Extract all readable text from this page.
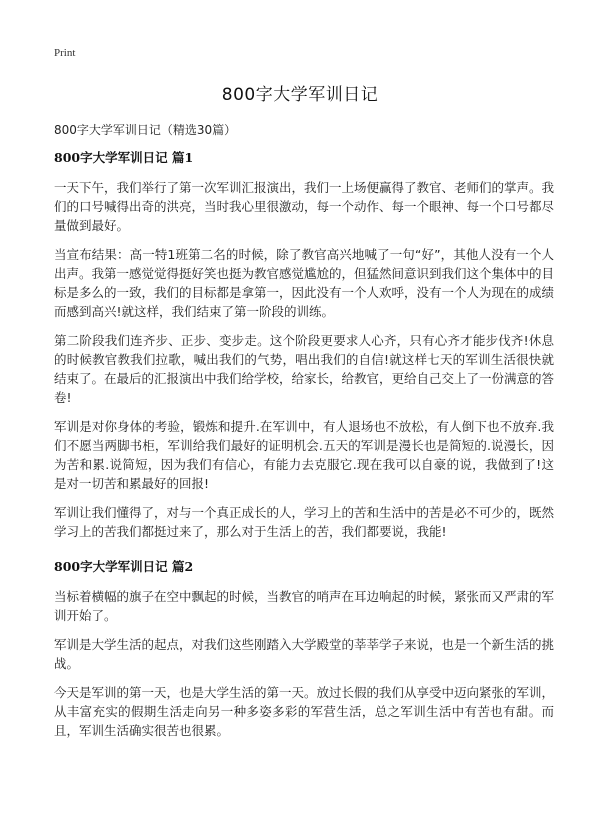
Print
800字大学军训日记

800字大学军训日记（精选30篇）

800字大学军训日记 篇1

一天下午，我们举行了第一次军训汇报演出，我们一上场便赢得了教官、老师们的掌声。我们的口号喊得出奇的洪亮，当时我心里很激动，每一个动作、每一个眼神、每一个口号都尽量做到最好。

当宣布结果：高一特1班第二名的时候，除了教官高兴地喊了一句“好”，其他人没有一个人出声。我第一感觉觉得挺好笑也挺为教官感觉尴尬的，但猛然间意识到我们这个集体中的目标是多么的一致，我们的目标都是拿第一，因此没有一个人欢呼，没有一个人为现在的成绩而感到高兴!就这样，我们结束了第一阶段的训练。

第二阶段我们连齐步、正步、变步走。这个阶段更要求人心齐，只有心齐才能步伐齐!休息的时候教官教我们拉歌，喊出我们的气势，唱出我们的自信!就这样七天的军训生活很快就结束了。在最后的汇报演出中我们给学校，给家长，给教官，更给自己交上了一份满意的答卷!

军训是对你身体的考验，锻炼和提升.在军训中，有人退场也不放松，有人倒下也不放弃.我们不愿当两脚书柜，军训给我们最好的证明机会.五天的军训是漫长也是简短的.说漫长，因为苦和累.说简短，因为我们有信心，有能力去克服它.现在我可以自豪的说，我做到了!这是对一切苦和累最好的回报!

军训让我们懂得了，对与一个真正成长的人，学习上的苦和生活中的苦是必不可少的，既然学习上的苦我们都挺过来了，那么对于生活上的苦，我们都要说，我能!

800字大学军训日记 篇2

当标着横幅的旗子在空中飘起的时候，当教官的哨声在耳边响起的时候，紧张而又严肃的军训开始了。

军训是大学生活的起点，对我们这些刚踏入大学殿堂的莘莘学子来说，也是一个新生活的挑战。

今天是军训的第一天，也是大学生活的第一天。放过长假的我们从享受中迈向紧张的军训，从丰富充实的假期生活走向另一种多姿多彩的军营生活，总之军训生活中有苦也有甜。而且，军训生活确实很苦也很累。
